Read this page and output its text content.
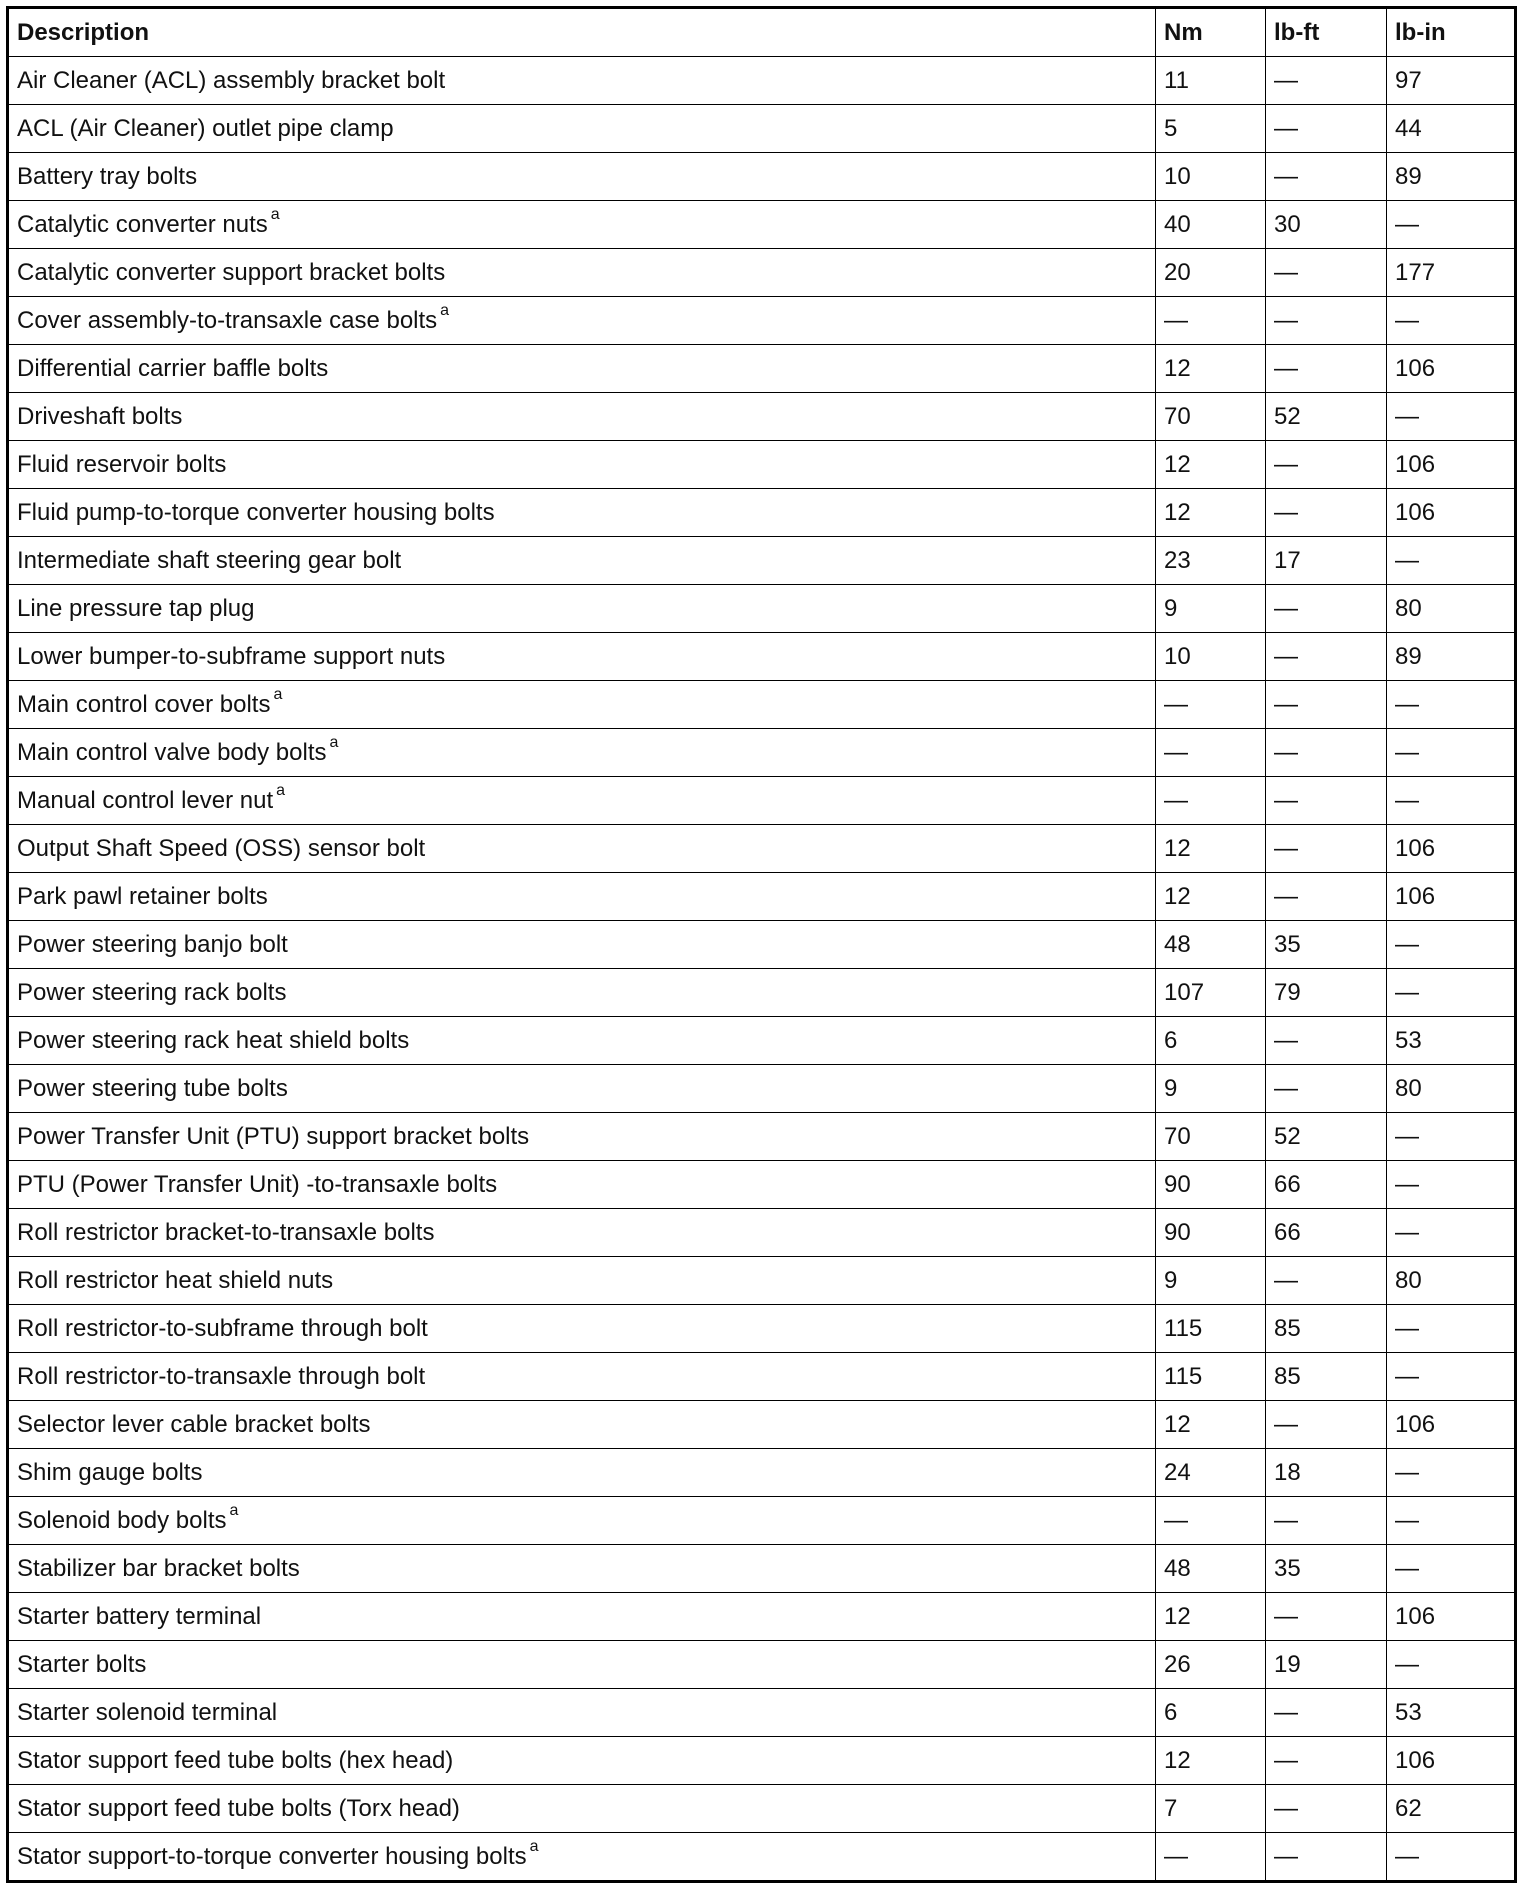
Description	Nm	lb-ft	lb-in
Air Cleaner (ACL) assembly bracket bolt	11	—	97
ACL (Air Cleaner) outlet pipe clamp	5	—	44
Battery tray bolts	10	—	89
Catalytic converter nuts $^a$	40	30	—
Catalytic converter support bracket bolts	20	—	177
Cover assembly-to-transaxle case bolts $^a$	—	—	—
Differential carrier baffle bolts	12	—	106
Driveshaft bolts	70	52	—
Fluid reservoir bolts	12	—	106
Fluid pump-to-torque converter housing bolts	12	—	106
Intermediate shaft steering gear bolt	23	17	—
Line pressure tap plug	9	—	80
Lower bumper-to-subframe support nuts	10	—	89
Main control cover bolts $^a$	—	—	—
Main control valve body bolts $^a$	—	—	—
Manual control lever nut $^a$	—	—	—
Output Shaft Speed (OSS) sensor bolt	12	—	106
Park pawl retainer bolts	12	—	106
Power steering banjo bolt	48	35	—
Power steering rack bolts	107	79	—
Power steering rack heat shield bolts	6	—	53
Power steering tube bolts	9	—	80
Power Transfer Unit (PTU) support bracket bolts	70	52	—
PTU (Power Transfer Unit) -to-transaxle bolts	90	66	—
Roll restrictor bracket-to-transaxle bolts	90	66	—
Roll restrictor heat shield nuts	9	—	80
Roll restrictor-to-subframe through bolt	115	85	—
Roll restrictor-to-transaxle through bolt	115	85	—
Selector lever cable bracket bolts	12	—	106
Shim gauge bolts	24	18	—
Solenoid body bolts $^a$	—	—	—
Stabilizer bar bracket bolts	48	35	—
Starter battery terminal	12	—	106
Starter bolts	26	19	—
Starter solenoid terminal	6	—	53
Stator support feed tube bolts (hex head)	12	—	106
Stator support feed tube bolts (Torx head)	7	—	62
Stator support-to-torque converter housing bolts $^a$	—	—	—
